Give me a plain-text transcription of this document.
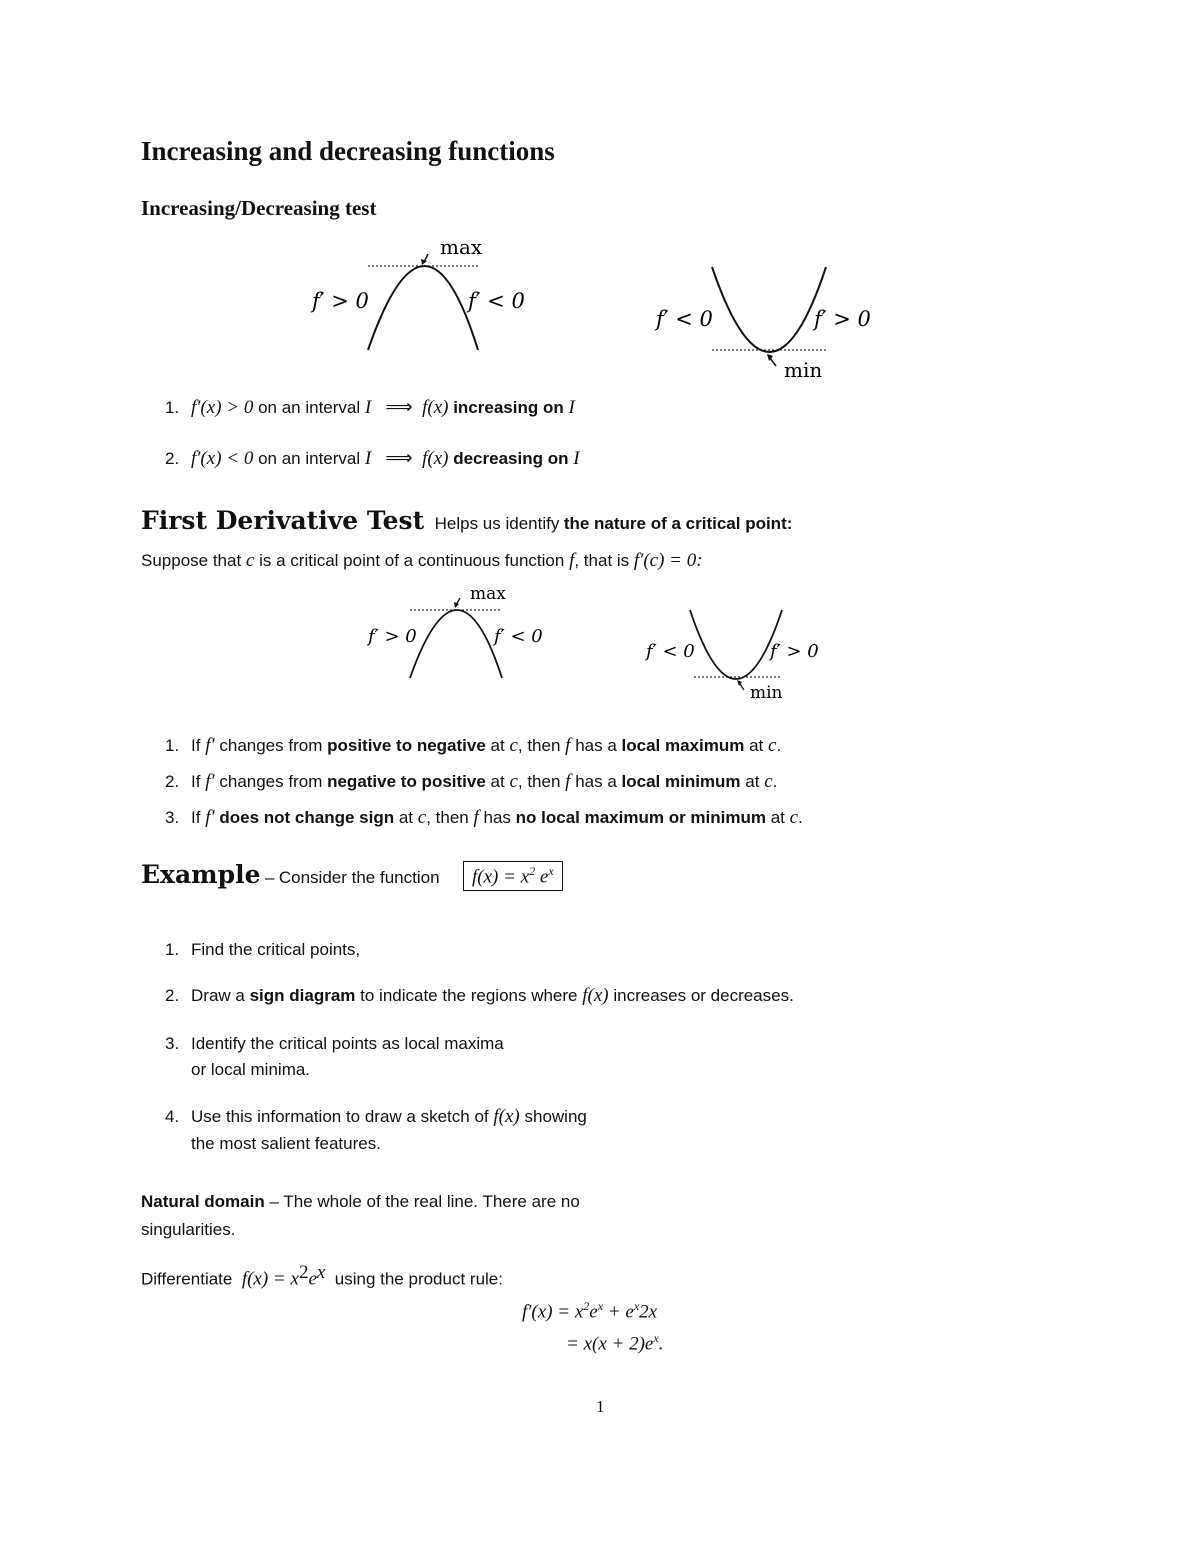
Increasing and decreasing functions
Increasing/Decreasing test
max
f′ > 0	f′ < 0
min
f′ < 0	f′ > 0
1. f′(x) > 0 on an interval I ⟹ f(x) increasing on I
2. f′(x) < 0 on an interval I ⟹ f(x) decreasing on I
First Derivative Test Helps us identify the nature of a critical point:
Suppose that c is a critical point of a continuous function f, that is f′(c) = 0:
max
f′ > 0	f′ < 0
min
f′ < 0	f′ > 0
1. If f′ changes from positive to negative at c, then f has a local maximum at c.
2. If f′ changes from negative to positive at c, then f has a local minimum at c.
3. If f′ does not change sign at c, then f has no local maximum or minimum at c.
Example – Consider the function	$f(x) = x^2$ $e^x$
1. Find the critical points,
2. Draw a sign diagram to indicate the regions where f(x) increases or decreases.
3. Identify the critical points as local maxima
or local minima.
4. Use this information to draw a sketch of f(x) showing
the most salient features.
Natural domain – The whole of the real line. There are no
singularities.
Differentiate $f(x) = x^2e^x$ using the product rule:
$f'(x) = x^2e^x + e^x2x$
= $x(x + 2)e^x$.
1
